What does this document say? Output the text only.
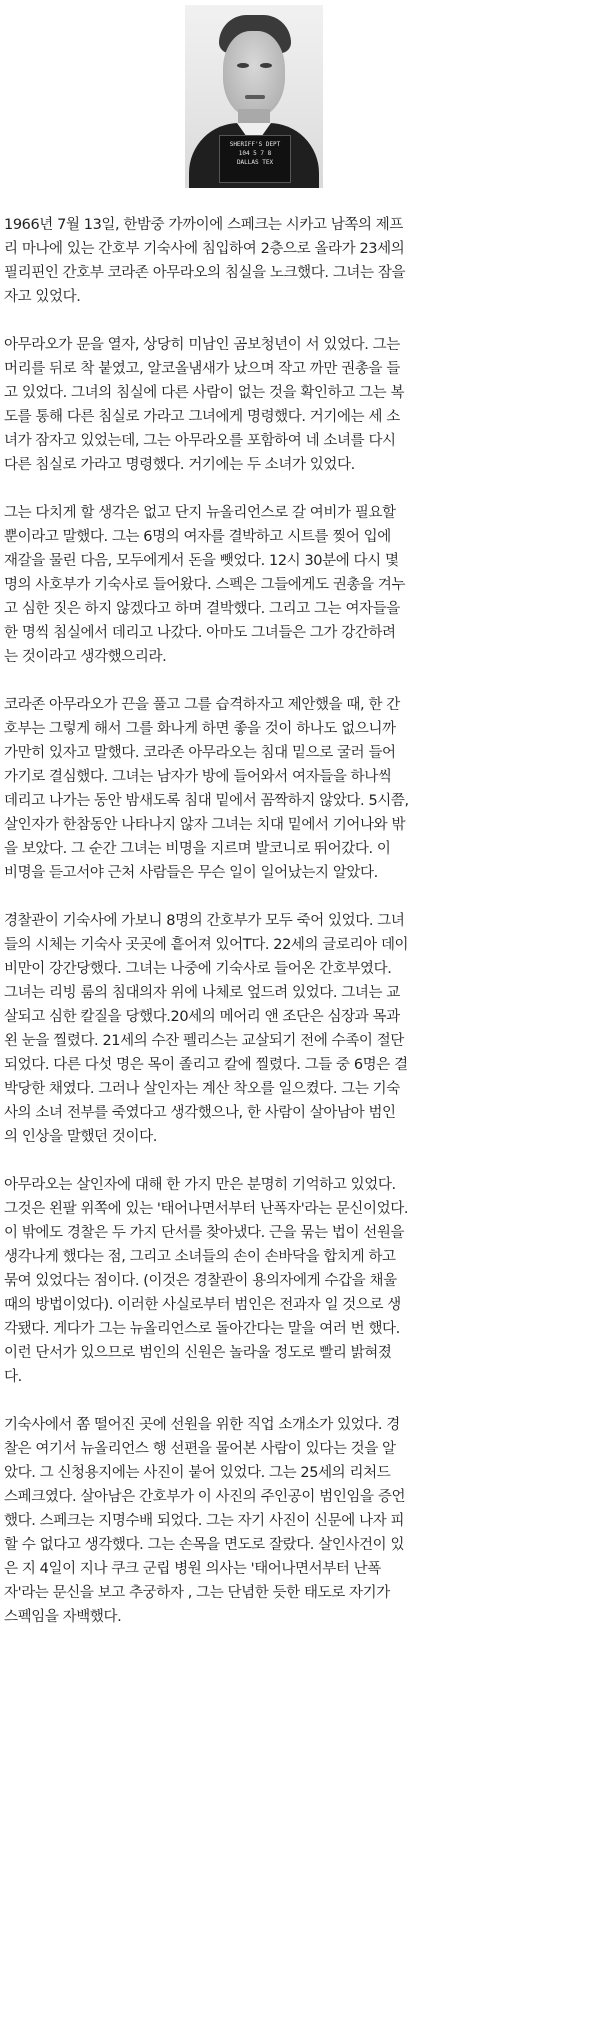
SHERIFF'S DEPT
104 5 7 8
DALLAS TEX

1966년 7월 13일, 한밤중 가까이에 스페크는 시카고 남쪽의 제프
리 마나에 있는 간호부 기숙사에 침입하여 2층으로 올라가 23세의
필리핀인 간호부 코라존 아무라오의 침실을 노크했다. 그녀는 잠을
자고 있었다.

아무라오가 문을 열자, 상당히 미남인 곰보청년이 서 있었다. 그는
머리를 뒤로 착 붙였고, 알코올냄새가 났으며 작고 까만 권총을 들
고 있었다. 그녀의 침실에 다른 사람이 없는 것을 확인하고 그는 복
도를 통해 다른 침실로 가라고 그녀에게 명령했다. 거기에는 세 소
녀가 잠자고 있었는데, 그는 아무라오를 포함하여 네 소녀를 다시
다른 침실로 가라고 명령했다. 거기에는 두 소녀가 있었다.

그는 다치게 할 생각은 없고 단지 뉴올리언스로 갈 여비가 필요할
뿐이라고 말했다. 그는 6명의 여자를 결박하고 시트를 찢어 입에
재갈을 물린 다음, 모두에게서 돈을 뺏었다. 12시 30분에 다시 몇
명의 사호부가 기숙사로 들어왔다. 스펙은 그들에게도 권총을 겨누
고 심한 짓은 하지 않겠다고 하며 결박했다. 그리고 그는 여자들을
한 명씩 침실에서 데리고 나갔다. 아마도 그녀들은 그가 강간하려
는 것이라고 생각했으리라.

코라존 아무라오가 끈을 풀고 그를 습격하자고 제안했을 때, 한 간
호부는 그렇게 해서 그를 화나게 하면 좋을 것이 하나도 없으니까
가만히 있자고 말했다. 코라존 아무라오는 침대 밑으로 굴러 들어
가기로 결심했다. 그녀는 남자가 방에 들어와서 여자들을 하나씩
데리고 나가는 동안 밤새도록 침대 밑에서 꼼짝하지 않았다. 5시쯤,
살인자가 한참동안 나타나지 않자 그녀는 치대 밑에서 기어나와 밖
을 보았다. 그 순간 그녀는 비명을 지르며 발코니로 뛰어갔다. 이
비명을 듣고서야 근처 사람들은 무슨 일이 일어났는지 알았다.

경찰관이 기숙사에 가보니 8명의 간호부가 모두 죽어 있었다. 그녀
들의 시체는 기숙사 곳곳에 흩어져 있어T다. 22세의 글로리아 데이
비만이 강간당했다. 그녀는 나중에 기숙사로 들어온 간호부였다.
그녀는 리빙 룸의 침대의자 위에 나체로 엎드려 있었다. 그녀는 교
살되고 심한 칼질을 당했다.20세의 메어리 앤 조단은 심장과 목과
왼 눈을 찔렸다. 21세의 수잔 펠리스는 교살되기 전에 수족이 절단
되었다. 다른 다섯 명은 목이 졸리고 칼에 찔렸다. 그들 중 6명은 결
박당한 채였다. 그러나 살인자는 계산 착오를 일으켰다. 그는 기숙
사의 소녀 전부를 죽였다고 생각했으나, 한 사람이 살아남아 범인
의 인상을 말했던 것이다.

아무라오는 살인자에 대해 한 가지 만은 분명히 기억하고 있었다.
그것은 왼팔 위쪽에 있는 '태어나면서부터 난폭자'라는 문신이었다.
이 밖에도 경찰은 두 가지 단서를 찾아냈다. 근을 묶는 법이 선원을
생각나게 했다는 점, 그리고 소녀들의 손이 손바닥을 합치게 하고
묶여 있었다는 점이다. (이것은 경찰관이 용의자에게 수갑을 채울
때의 방법이었다). 이러한 사실로부터 범인은 전과자 일 것으로 생
각됐다. 게다가 그는 뉴올리언스로 돌아간다는 말을 여러 번 했다.
이런 단서가 있으므로 범인의 신원은 놀라울 정도로 빨리 밝혀졌
다.

기숙사에서 쫌 떨어진 곳에 선원을 위한 직업 소개소가 있었다. 경
찰은 여기서 뉴올리언스 행 선편을 물어본 사람이 있다는 것을 알
았다. 그 신청용지에는 사진이 붙어 있었다. 그는 25세의 리처드
스페크였다. 살아남은 간호부가 이 사진의 주인공이 범인임을 증언
했다. 스페크는 지명수배 되었다. 그는 자기 사진이 신문에 나자 피
할 수 없다고 생각했다. 그는 손목을 면도로 잘랐다. 살인사건이 있
은 지 4일이 지나 쿠크 군립 병원 의사는 '태어나면서부터 난폭
자'라는 문신을 보고 추궁하자 , 그는 단념한 듯한 태도로 자기가
스펙임을 자백했다.
